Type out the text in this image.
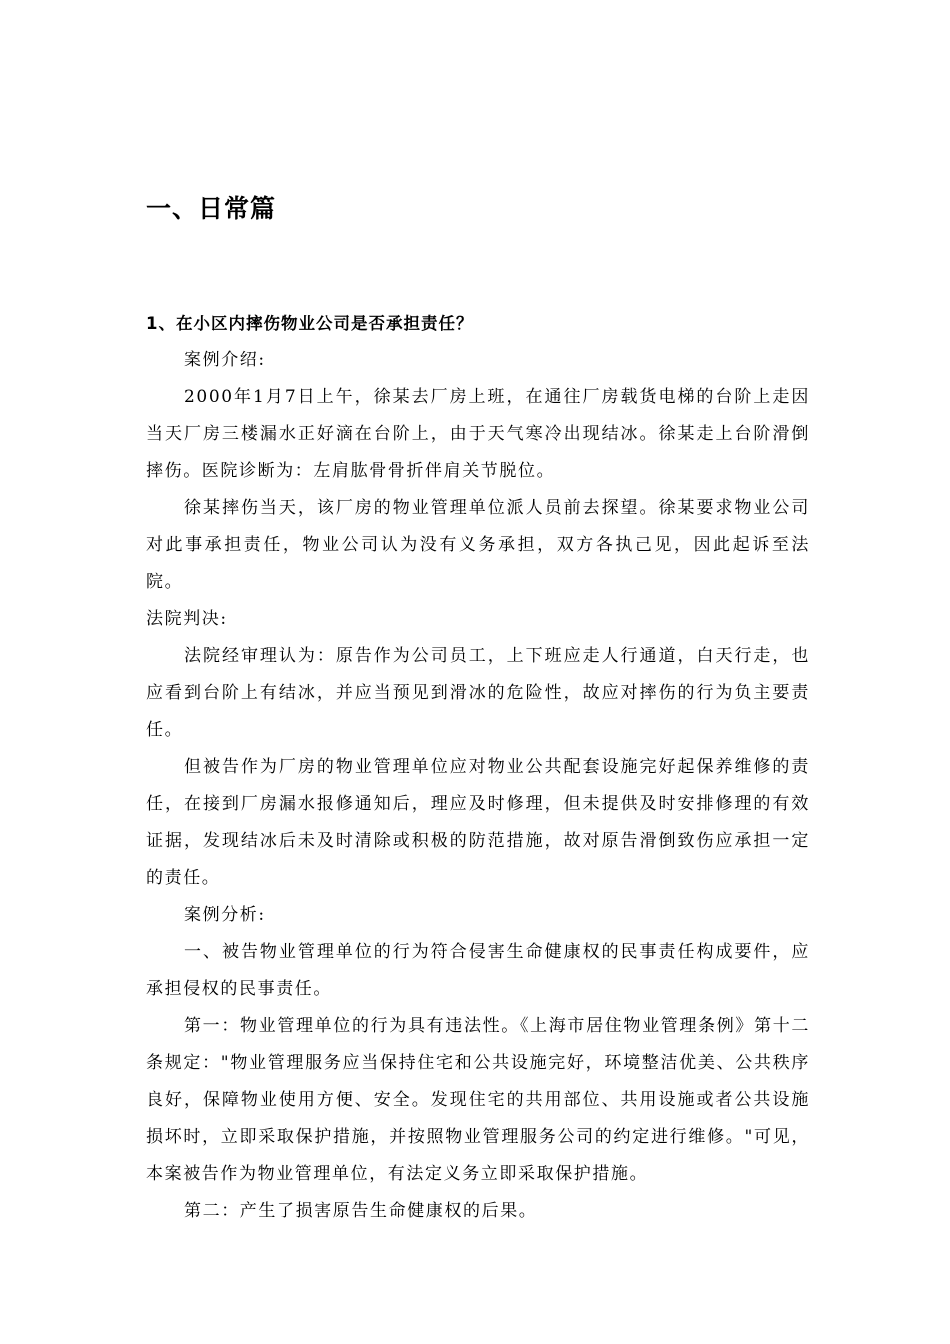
一、日常篇

1、在小区内摔伤物业公司是否承担责任？

案例介绍:

2000年1月7日上午，徐某去厂房上班，在通往厂房载货电梯的台阶上走因当天厂房三楼漏水正好滴在台阶上，由于天气寒冷出现结冰。徐某走上台阶滑倒摔伤。医院诊断为：左肩肱骨骨折伴肩关节脱位。

徐某摔伤当天，该厂房的物业管理单位派人员前去探望。徐某要求物业公司对此事承担责任，物业公司认为没有义务承担，双方各执己见，因此起诉至法院。

法院判决:

法院经审理认为：原告作为公司员工，上下班应走人行通道，白天行走，也应看到台阶上有结冰，并应当预见到滑冰的危险性，故应对摔伤的行为负主要责任。

但被告作为厂房的物业管理单位应对物业公共配套设施完好起保养维修的责任，在接到厂房漏水报修通知后，理应及时修理，但未提供及时安排修理的有效证据，发现结冰后未及时清除或积极的防范措施，故对原告滑倒致伤应承担一定的责任。

案例分析:

一、被告物业管理单位的行为符合侵害生命健康权的民事责任构成要件，应承担侵权的民事责任。

第一：物业管理单位的行为具有违法性。《上海市居住物业管理条例》第十二条规定："物业管理服务应当保持住宅和公共设施完好，环境整洁优美、公共秩序良好，保障物业使用方便、安全。发现住宅的共用部位、共用设施或者公共设施损坏时，立即采取保护措施，并按照物业管理服务公司的约定进行维修。"可见，本案被告作为物业管理单位，有法定义务立即采取保护措施。

第二：产生了损害原告生命健康权的后果。
